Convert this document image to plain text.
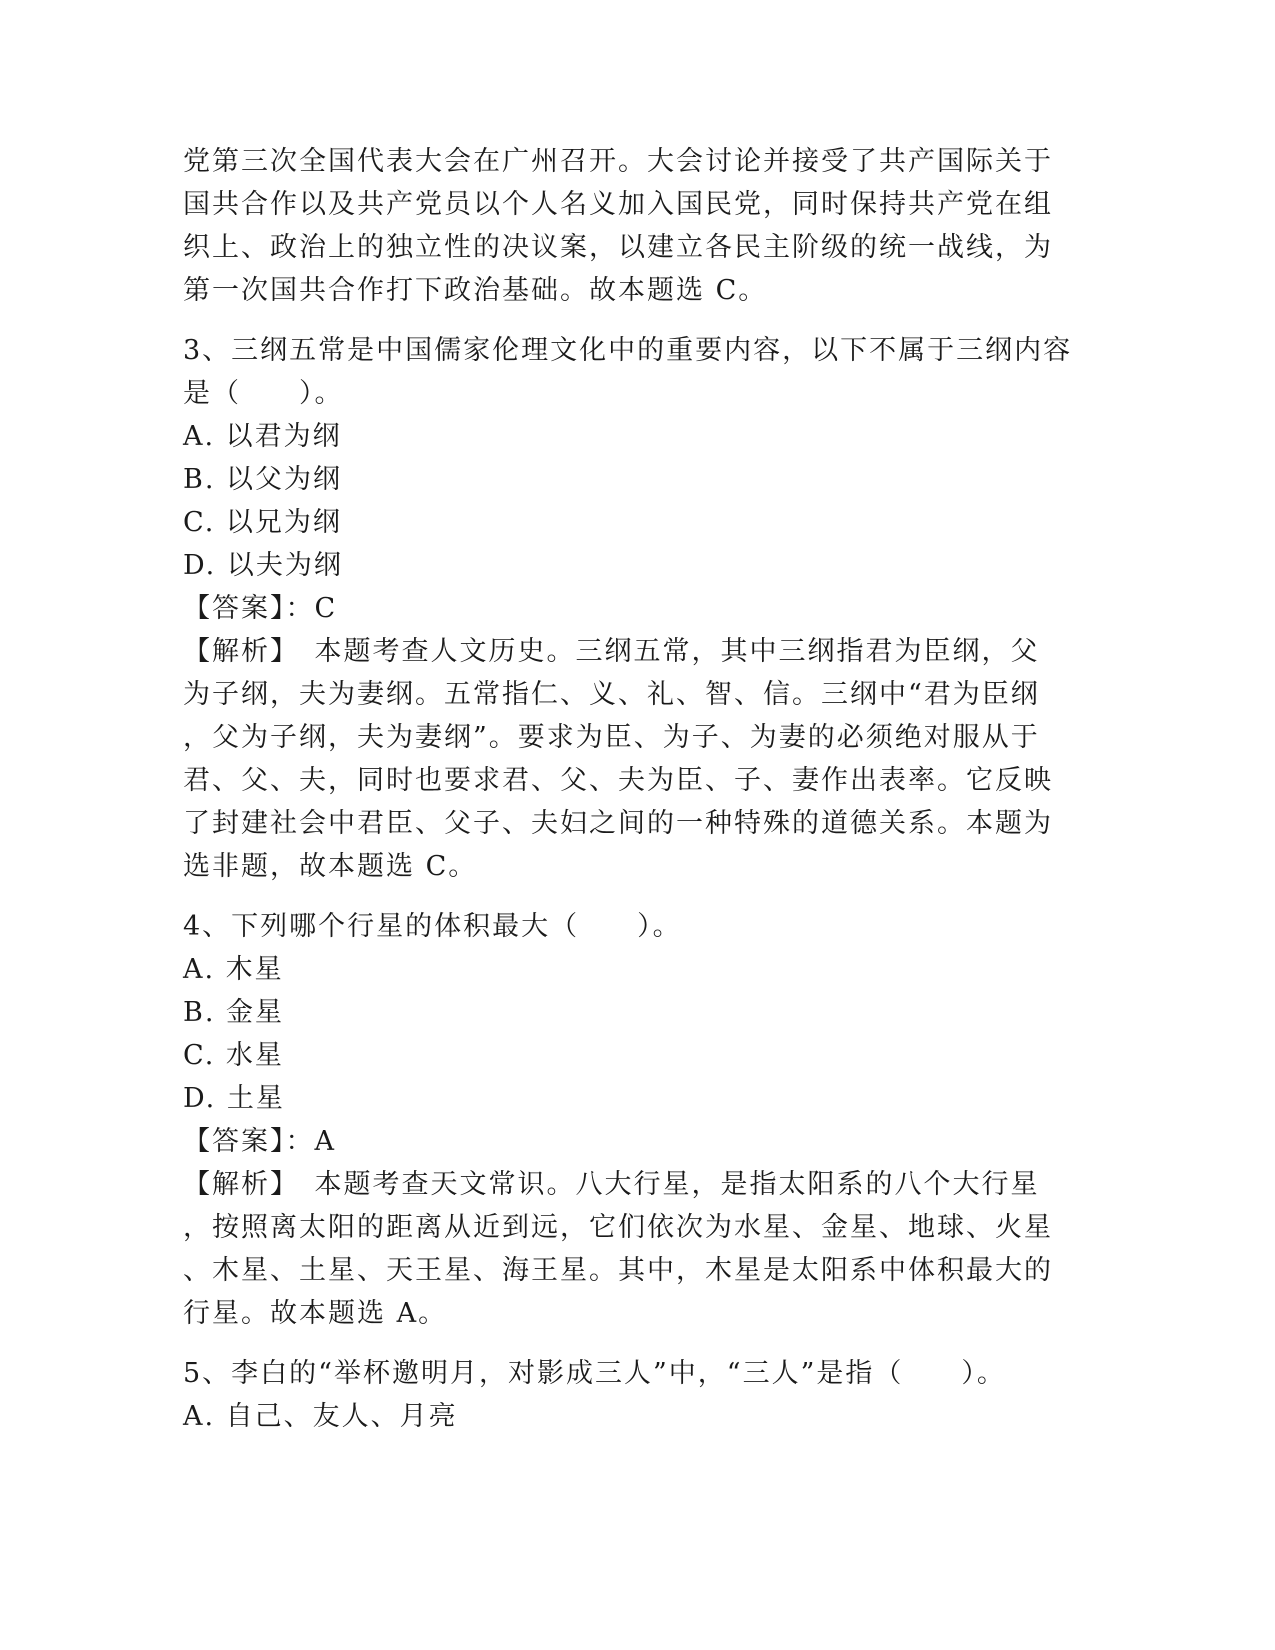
党第三次全国代表大会在广州召开。大会讨论并接受了共产国际关于
国共合作以及共产党员以个人名义加入国民党，同时保持共产党在组
织上、政治上的独立性的决议案，以建立各民主阶级的统一战线，为
第一次国共合作打下政治基础。故本题选 C。
3、三纲五常是中国儒家伦理文化中的重要内容，以下不属于三纲内容
是（　　）。
A. 以君为纲
B. 以父为纲
C. 以兄为纲
D. 以夫为纲
【答案】：C
【解析】　本题考查人文历史。三纲五常，其中三纲指君为臣纲，父
为子纲，夫为妻纲。五常指仁、义、礼、智、信。三纲中“君为臣纲
，父为子纲，夫为妻纲”。要求为臣、为子、为妻的必须绝对服从于
君、父、夫，同时也要求君、父、夫为臣、子、妻作出表率。它反映
了封建社会中君臣、父子、夫妇之间的一种特殊的道德关系。本题为
选非题，故本题选 C。
4、下列哪个行星的体积最大（　　）。
A. 木星
B. 金星
C. 水星
D. 土星
【答案】：A
【解析】　本题考查天文常识。八大行星，是指太阳系的八个大行星
，按照离太阳的距离从近到远，它们依次为水星、金星、地球、火星
、木星、土星、天王星、海王星。其中，木星是太阳系中体积最大的
行星。故本题选 A。
5、李白的“举杯邀明月，对影成三人”中，“三人”是指（　　）。
A. 自己、友人、月亮
